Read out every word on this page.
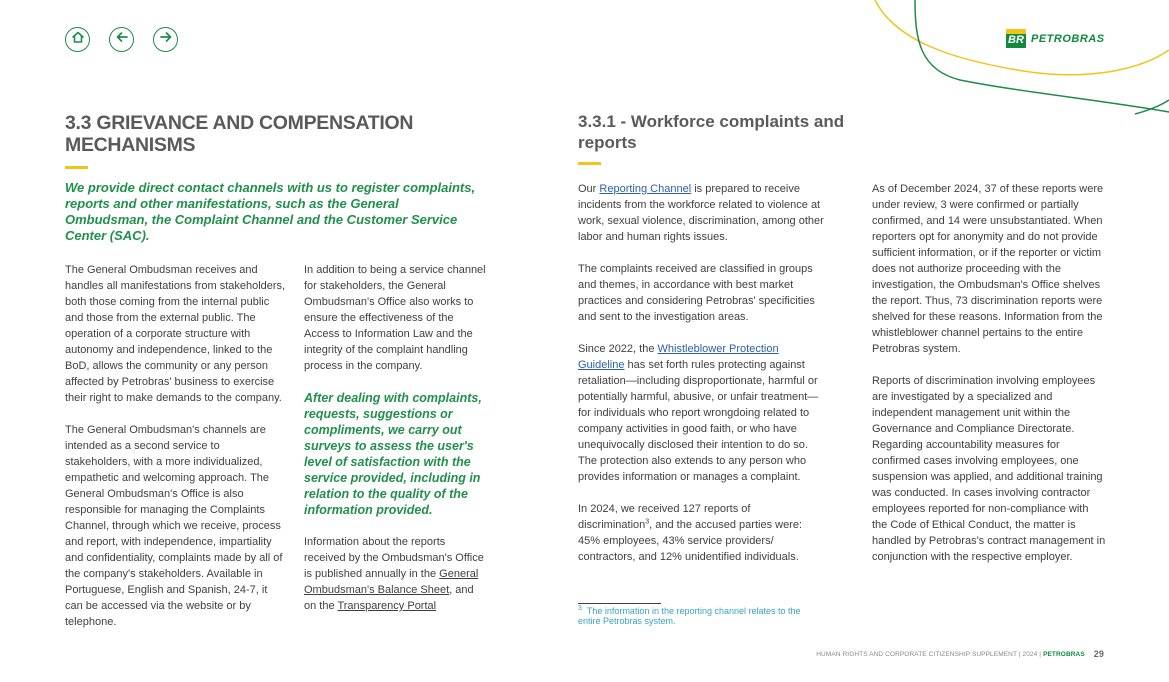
BR PETROBRAS
3.3 GRIEVANCE AND COMPENSATION MECHANISMS

We provide direct contact channels with us to register complaints, reports and other manifestations, such as the General Ombudsman, the Complaint Channel and the Customer Service Center (SAC).

The General Ombudsman receives and handles all manifestations from stakeholders, both those coming from the internal public and those from the external public. The operation of a corporate structure with autonomy and independence, linked to the BoD, allows the community or any person affected by Petrobras' business to exercise their right to make demands to the company.

The General Ombudsman's channels are intended as a second service to stakeholders, with a more individualized, empathetic and welcoming approach. The General Ombudsman's Office is also responsible for managing the Complaints Channel, through which we receive, process and report, with independence, impartiality and confidentiality, complaints made by all of the company's stakeholders. Available in Portuguese, English and Spanish, 24-7, it can be accessed via the website or by telephone.

In addition to being a service channel for stakeholders, the General Ombudsman's Office also works to ensure the effectiveness of the Access to Information Law and the integrity of the complaint handling process in the company.

After dealing with complaints, requests, suggestions or compliments, we carry out surveys to assess the user's level of satisfaction with the service provided, including in relation to the quality of the information provided.

Information about the reports received by the Ombudsman's Office is published annually in the General Ombudsman's Balance Sheet, and on the Transparency Portal

3.3.1 - Workforce complaints and reports

Our Reporting Channel is prepared to receive incidents from the workforce related to violence at work, sexual violence, discrimination, among other labor and human rights issues.

The complaints received are classified in groups and themes, in accordance with best market practices and considering Petrobras' specificities and sent to the investigation areas.

Since 2022, the Whistleblower Protection Guideline has set forth rules protecting against retaliation—including disproportionate, harmful or potentially harmful, abusive, or unfair treatment—for individuals who report wrongdoing related to company activities in good faith, or who have unequivocally disclosed their intention to do so. The protection also extends to any person who provides information or manages a complaint.

In 2024, we received 127 reports of discrimination$^3$, and the accused parties were: 45% employees, 43% service providers/ contractors, and 12% unidentified individuals.

As of December 2024, 37 of these reports were under review, 3 were confirmed or partially confirmed, and 14 were unsubstantiated. When reporters opt for anonymity and do not provide sufficient information, or if the reporter or victim does not authorize proceeding with the investigation, the Ombudsman's Office shelves the report. Thus, 73 discrimination reports were shelved for these reasons. Information from the whistleblower channel pertains to the entire Petrobras system.

Reports of discrimination involving employees are investigated by a specialized and independent management unit within the Governance and Compliance Directorate. Regarding accountability measures for confirmed cases involving employees, one suspension was applied, and additional training was conducted. In cases involving contractor employees reported for non-compliance with the Code of Ethical Conduct, the matter is handled by Petrobras's contract management in conjunction with the respective employer.

$^3$ The information in the reporting channel relates to the entire Petrobras system.
HUMAN RIGHTS AND CORPORATE CITIZENSHIP SUPPLEMENT | 2024 | PETROBRAS 29
